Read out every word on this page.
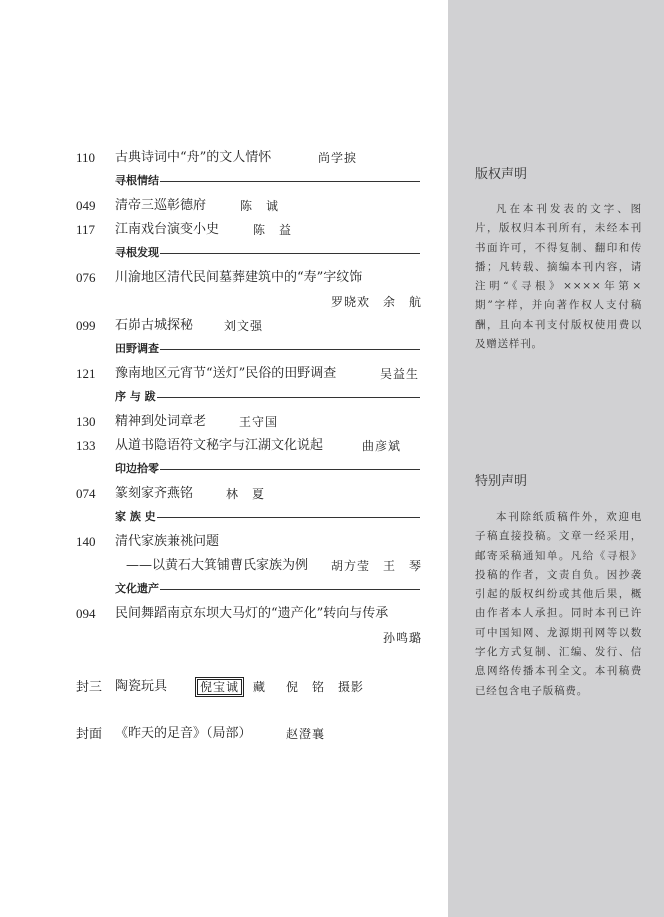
110	古典诗词中“舟”的文人情怀	尚学捩
寻根情结
049	清帝三巡彰德府	陈　诚
117	江南戏台演变小史	陈　益
寻根发现
076	川渝地区清代民间墓葬建筑中的“寿”字纹饰
罗晓欢　余　航
099	石峁古城探秘	刘文强
田野调查
121	豫南地区元宵节“送灯”民俗的田野调查	吴益生
序 与 跋
130	精神到处词章老	王守国
133	从道书隐语符文秘字与江湖文化说起	曲彦斌
印边拾零
074	篆刻家齐燕铭	林　夏
家 族 史
140	清代家族兼祧问题
——以黄石大箕铺曹氏家族为例 胡方莹　王　琴
文化遗产
094	民间舞蹈南京东坝大马灯的“遗产化”转向与传承
孙鸣璐
封三 陶瓷玩具	倪宝诚 藏 倪　铭　摄影
封面 《昨天的足音》（局部）	赵澄襄
版权声明
凡在本刊发表的文字、图片，版权归本刊所有，未经本刊书面许可，不得复制、翻印和传播；凡转载、摘编本刊内容，请注明“《寻根》××××年第×期”字样，并向著作权人支付稿酬，且向本刊支付版权使用费以及赠送样刊。
特别声明
本刊除纸质稿件外，欢迎电子稿直接投稿。文章一经采用，邮寄采稿通知单。凡给《寻根》投稿的作者，文责自负。因抄袭引起的版权纠纷或其他后果，概由作者本人承担。同时本刊已许可中国知网、龙源期刊网等以数字化方式复制、汇编、发行、信息网络传播本刊全文。本刊稿费已经包含电子版稿费。
